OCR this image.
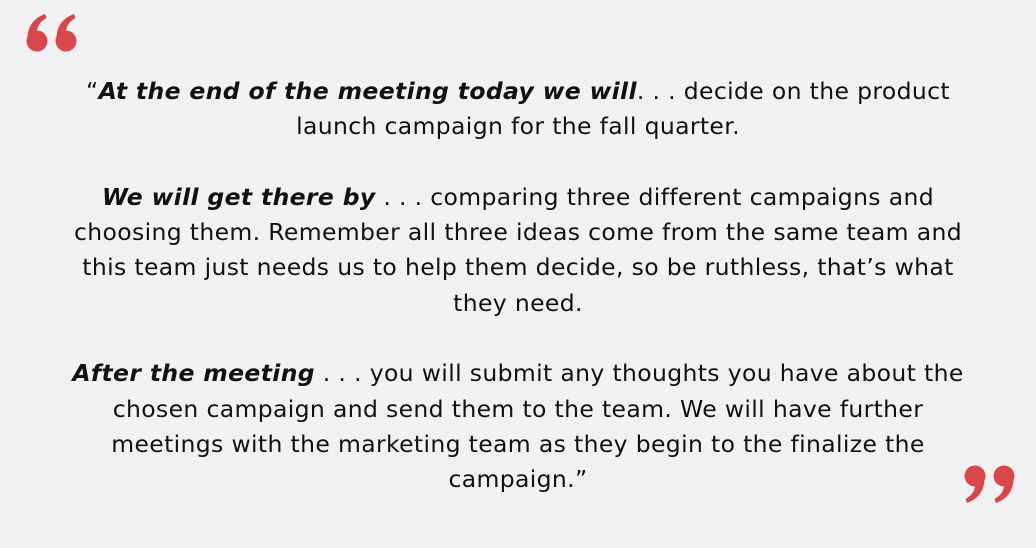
“At the end of the meeting today we will. . . decide on the product launch campaign for the fall quarter.

We will get there by . . . comparing three different campaigns and choosing them. Remember all three ideas come from the same team and this team just needs us to help them decide, so be ruthless, that’s what they need.

After the meeting . . . you will submit any thoughts you have about the chosen campaign and send them to the team. We will have further meetings with the marketing team as they begin to the finalize the campaign.”
